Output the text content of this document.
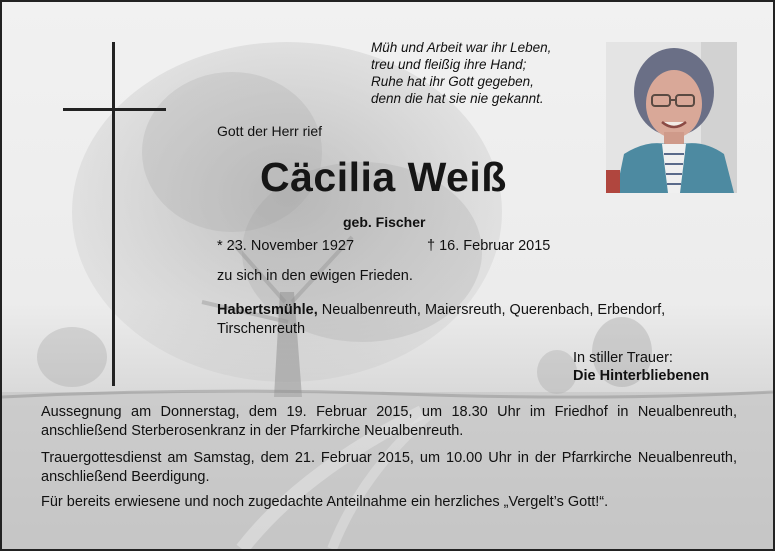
Müh und Arbeit war ihr Leben,
treu und fleißig ihre Hand;
Ruhe hat ihr Gott gegeben,
denn die hat sie nie gekannt.
Gott der Herr rief
Cäcilia Weiß
geb. Fischer
* 23. November 1927	† 16. Februar 2015
zu sich in den ewigen Frieden.
Habertsmühle, Neualbenreuth, Maiersreuth, Querenbach, Erbendorf, Tirschenreuth
In stiller Trauer:
Die Hinterbliebenen
Aussegnung am Donnerstag, dem 19. Februar 2015, um 18.30 Uhr im Friedhof in Neualbenreuth, anschließend Sterberosenkranz in der Pfarrkirche Neualbenreuth.
Trauergottesdienst am Samstag, dem 21. Februar 2015, um 10.00 Uhr in der Pfarrkirche Neualbenreuth, anschließend Beerdigung.
Für bereits erwiesene und noch zugedachte Anteilnahme ein herzliches „Vergelt’s Gott!“.
